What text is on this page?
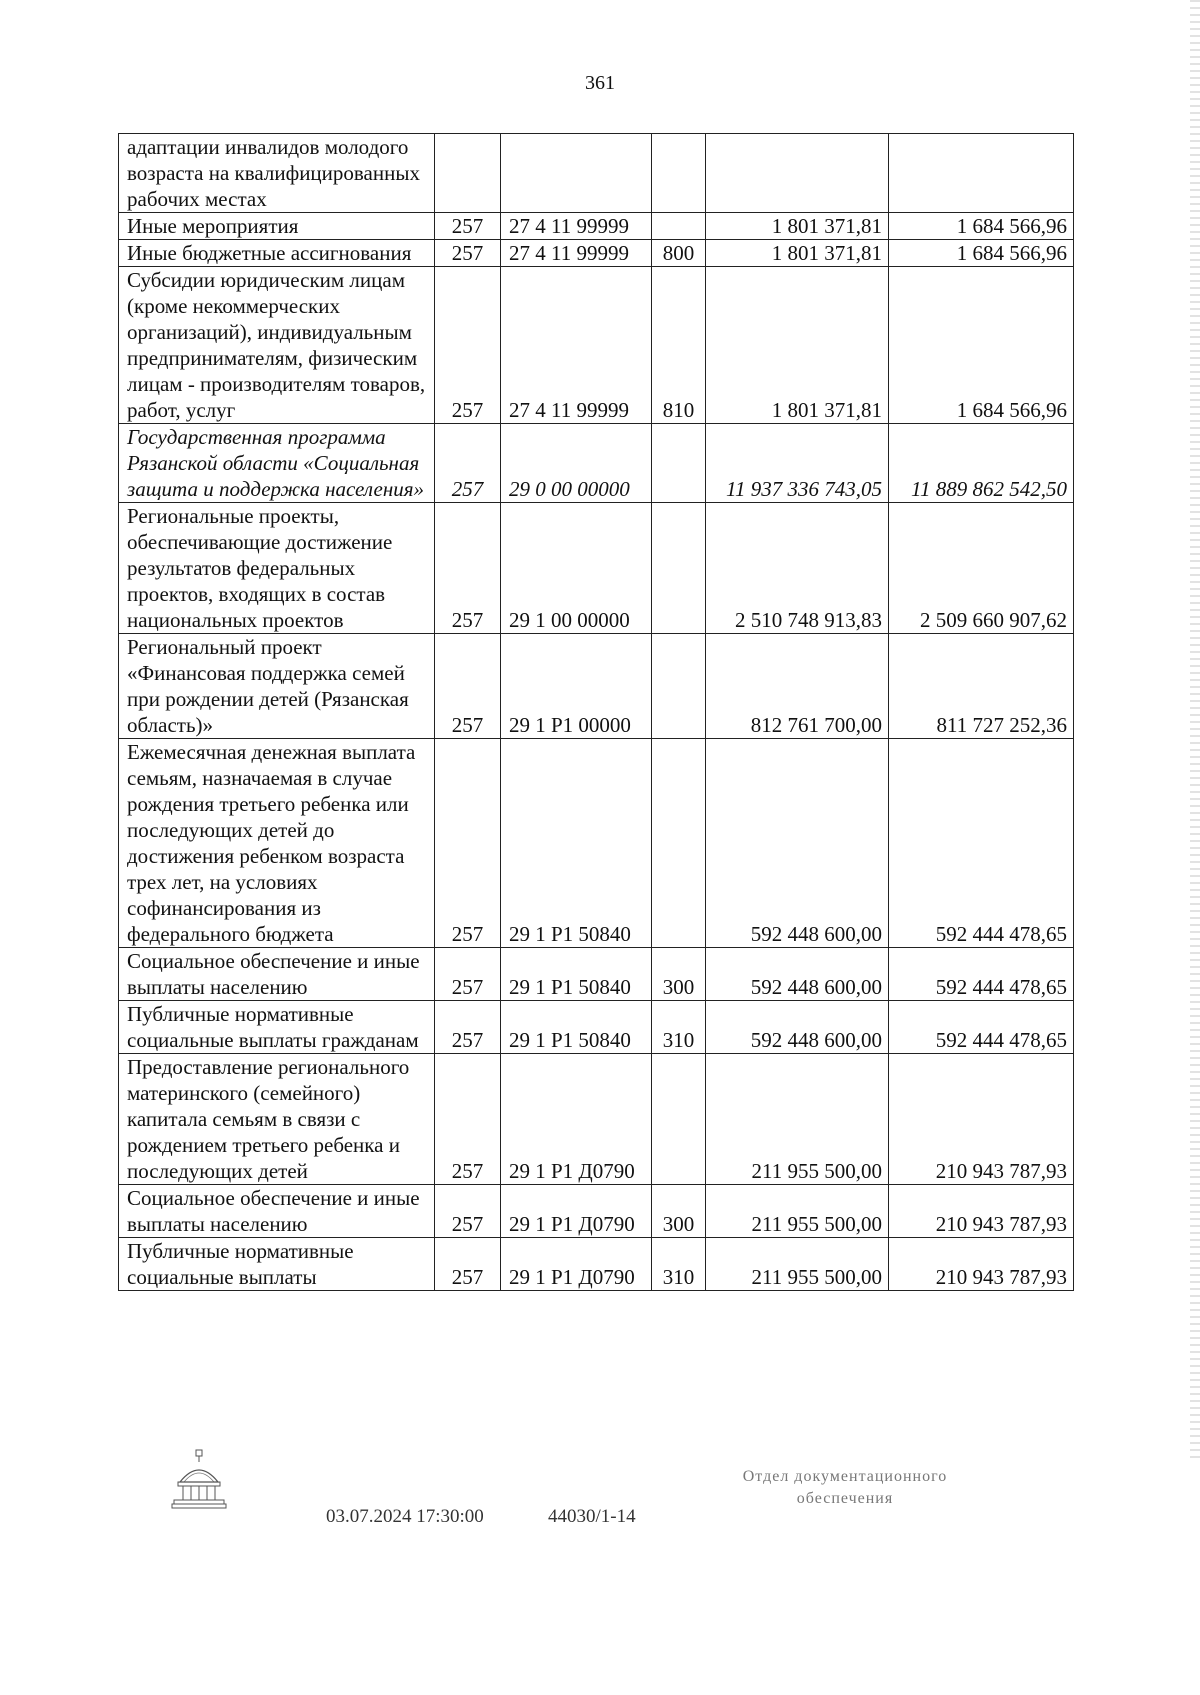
361
адаптации инвалидов молодого возраста на квалифицированных рабочих местах					
Иные мероприятия	257	27 4 11 99999		1 801 371,81	1 684 566,96
Иные бюджетные ассигнования	257	27 4 11 99999	800	1 801 371,81	1 684 566,96
Субсидии юридическим лицам (кроме некоммерческих организаций), индивидуальным предпринимателям, физическим лицам - производителям товаров, работ, услуг	257	27 4 11 99999	810	1 801 371,81	1 684 566,96
Государственная программа Рязанской области «Социальная защита и поддержка населения»	257	29 0 00 00000		11 937 336 743,05	11 889 862 542,50
Региональные проекты, обеспечивающие достижение результатов федеральных проектов, входящих в состав национальных проектов	257	29 1 00 00000		2 510 748 913,83	2 509 660 907,62
Региональный проект «Финансовая поддержка семей при рождении детей (Рязанская область)»	257	29 1 P1 00000		812 761 700,00	811 727 252,36
Ежемесячная денежная выплата семьям, назначаемая в случае рождения третьего ребенка или последующих детей до достижения ребенком возраста трех лет, на условиях софинансирования из федерального бюджета	257	29 1 P1 50840		592 448 600,00	592 444 478,65
Социальное обеспечение и иные выплаты населению	257	29 1 P1 50840	300	592 448 600,00	592 444 478,65
Публичные нормативные социальные выплаты гражданам	257	29 1 P1 50840	310	592 448 600,00	592 444 478,65
Предоставление регионального материнского (семейного) капитала семьям в связи с рождением третьего ребенка и последующих детей	257	29 1 P1 Д0790		211 955 500,00	210 943 787,93
Социальное обеспечение и иные выплаты населению	257	29 1 P1 Д0790	300	211 955 500,00	210 943 787,93
Публичные нормативные социальные выплаты	257	29 1 P1 Д0790	310	211 955 500,00	210 943 787,93
03.07.2024 17:30:00	44030/1-14
Отдел документационного
обеспечения
